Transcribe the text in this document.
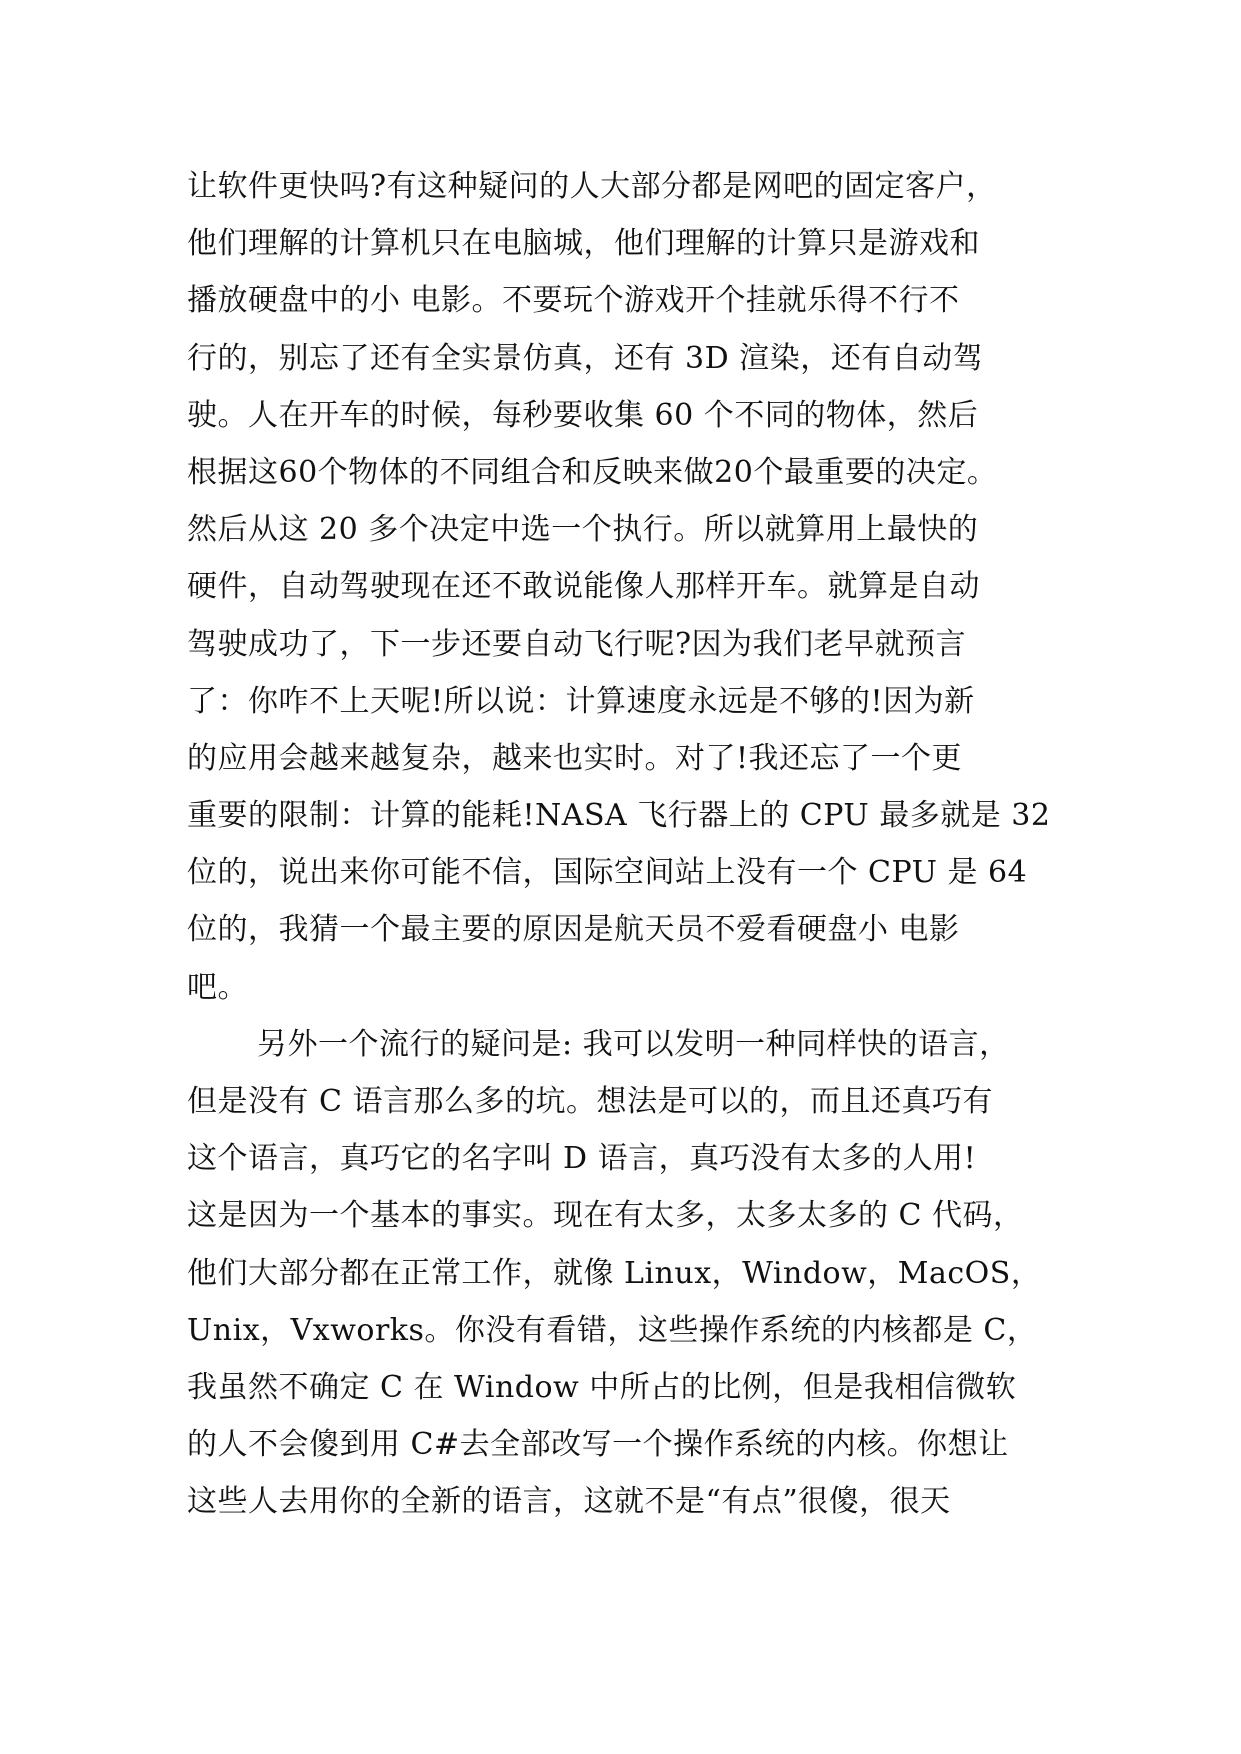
让软件更快吗?有这种疑问的人大部分都是网吧的固定客户，
他们理解的计算机只在电脑城，他们理解的计算只是游戏和
播放硬盘中的小 电影。不要玩个游戏开个挂就乐得不行不
行的，别忘了还有全实景仿真，还有 3D 渲染，还有自动驾
驶。人在开车的时候，每秒要收集 60 个不同的物体，然后
根据这60个物体的不同组合和反映来做20个最重要的决定。
然后从这 20 多个决定中选一个执行。所以就算用上最快的
硬件，自动驾驶现在还不敢说能像人那样开车。就算是自动
驾驶成功了，下一步还要自动飞行呢?因为我们老早就预言
了：你咋不上天呢!所以说：计算速度永远是不够的!因为新
的应用会越来越复杂，越来也实时。对了!我还忘了一个更
重要的限制：计算的能耗!NASA 飞行器上的 CPU 最多就是 32
位的，说出来你可能不信，国际空间站上没有一个 CPU 是 64
位的，我猜一个最主要的原因是航天员不爱看硬盘小 电影
吧。
另外一个流行的疑问是: 我可以发明一种同样快的语言，
但是没有 C 语言那么多的坑。想法是可以的，而且还真巧有
这个语言，真巧它的名字叫 D 语言，真巧没有太多的人用!
这是因为一个基本的事实。现在有太多，太多太多的 C 代码，
他们大部分都在正常工作，就像 Linux，Window，MacOS，
Unix，Vxworks。你没有看错，这些操作系统的内核都是 C，
我虽然不确定 C 在 Window 中所占的比例，但是我相信微软
的人不会傻到用 C#去全部改写一个操作系统的内核。你想让
这些人去用你的全新的语言，这就不是“有点”很傻，很天
